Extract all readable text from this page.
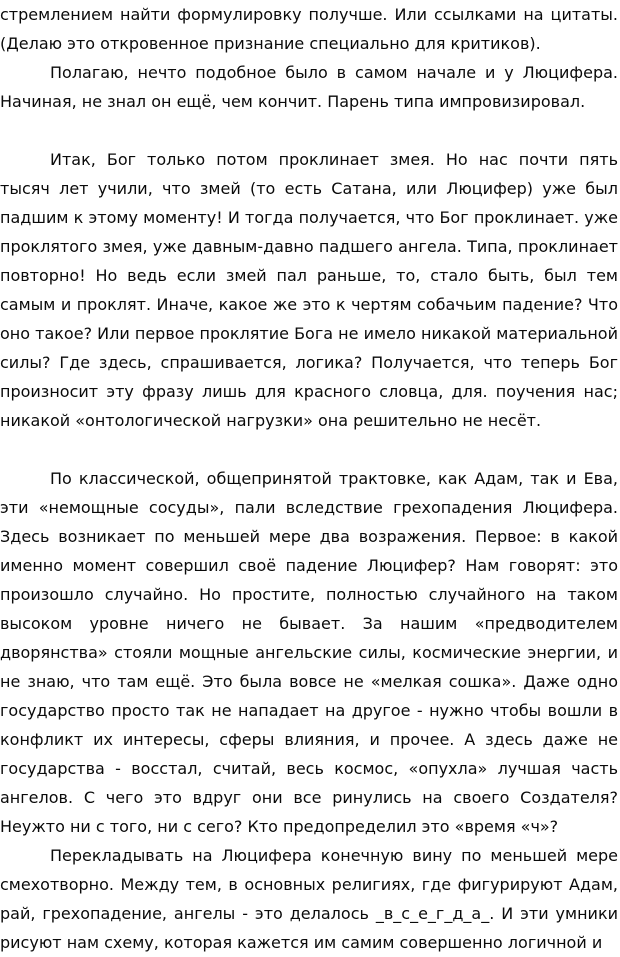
стремлением найти формулировку получше. Или ссылками на цитаты. (Делаю это откровенное признание специально для критиков).

Полагаю, нечто подобное было в самом начале и у Люцифера. Начиная, не знал он ещё, чем кончит. Парень типа импровизировал.

Итак, Бог только потом проклинает змея. Но нас почти пять тысяч лет учили, что змей (то есть Сатана, или Люцифер) уже был падшим к этому моменту! И тогда получается, что Бог проклинает. уже проклятого змея, уже давным-давно падшего ангела. Типа, проклинает повторно! Но ведь если змей пал раньше, то, стало быть, был тем самым и проклят. Иначе, какое же это к чертям собачьим падение? Что оно такое? Или первое проклятие Бога не имело никакой материальной силы? Где здесь, спрашивается, логика? Получается, что теперь Бог произносит эту фразу лишь для красного словца, для. поучения нас; никакой «онтологической нагрузки» она решительно не несёт.

По классической, общепринятой трактовке, как Адам, так и Ева, эти «немощные сосуды», пали вследствие грехопадения Люцифера. Здесь возникает по меньшей мере два возражения. Первое: в какой именно момент совершил своё падение Люцифер? Нам говорят: это произошло случайно. Но простите, полностью случайного на таком высоком уровне ничего не бывает. За нашим «предводителем дворянства» стояли мощные ангельские силы, космические энергии, и не знаю, что там ещё. Это была вовсе не «мелкая сошка». Даже одно государство просто так не нападает на другое - нужно чтобы вошли в конфликт их интересы, сферы влияния, и прочее. А здесь даже не государства - восстал, считай, весь космос, «опухла» лучшая часть ангелов. С чего это вдруг они все ринулись на своего Создателя? Неужто ни с того, ни с сего? Кто предопределил это «время «ч»?

Перекладывать на Люцифера конечную вину по меньшей мере смехотворно. Между тем, в основных религиях, где фигурируют Адам, рай, грехопадение, ангелы - это делалось _в_с_е_г_д_а_. И эти умники рисуют нам схему, которая кажется им самим совершенно логичной и
